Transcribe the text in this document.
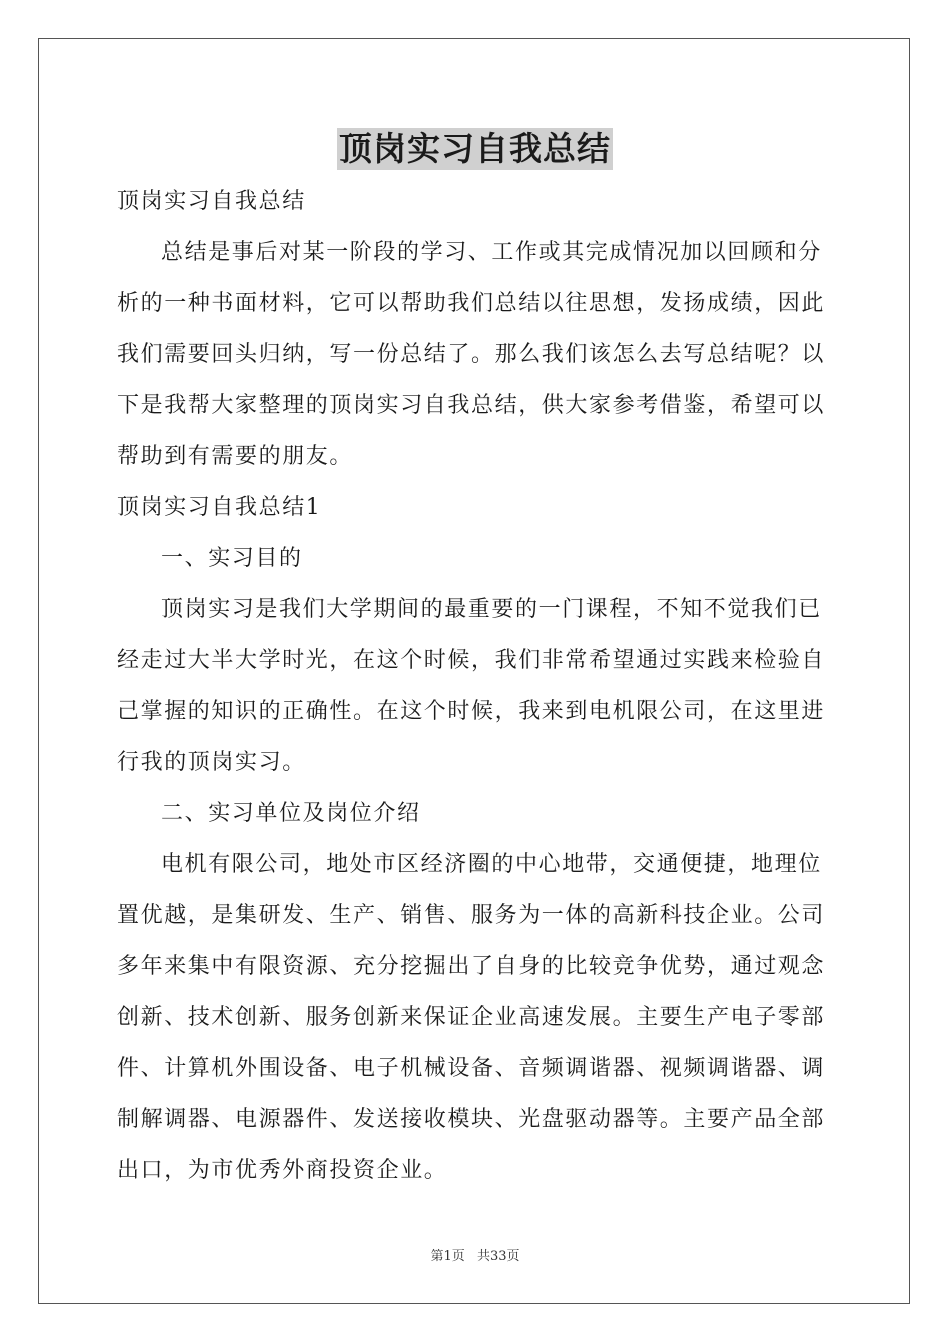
顶岗实习自我总结

顶岗实习自我总结

总结是事后对某一阶段的学习、工作或其完成情况加以回顾和分析的一种书面材料，它可以帮助我们总结以往思想，发扬成绩，因此我们需要回头归纳，写一份总结了。那么我们该怎么去写总结呢？以下是我帮大家整理的顶岗实习自我总结，供大家参考借鉴，希望可以帮助到有需要的朋友。

顶岗实习自我总结1

一、实习目的

顶岗实习是我们大学期间的最重要的一门课程，不知不觉我们已经走过大半大学时光，在这个时候，我们非常希望通过实践来检验自己掌握的知识的正确性。在这个时候，我来到电机限公司，在这里进行我的顶岗实习。

二、实习单位及岗位介绍

电机有限公司，地处市区经济圈的中心地带，交通便捷，地理位置优越，是集研发、生产、销售、服务为一体的高新科技企业。公司多年来集中有限资源、充分挖掘出了自身的比较竞争优势，通过观念创新、技术创新、服务创新来保证企业高速发展。主要生产电子零部件、计算机外围设备、电子机械设备、音频调谐器、视频调谐器、调制解调器、电源器件、发送接收模块、光盘驱动器等。主要产品全部出口，为市优秀外商投资企业。

第1页 共33页
